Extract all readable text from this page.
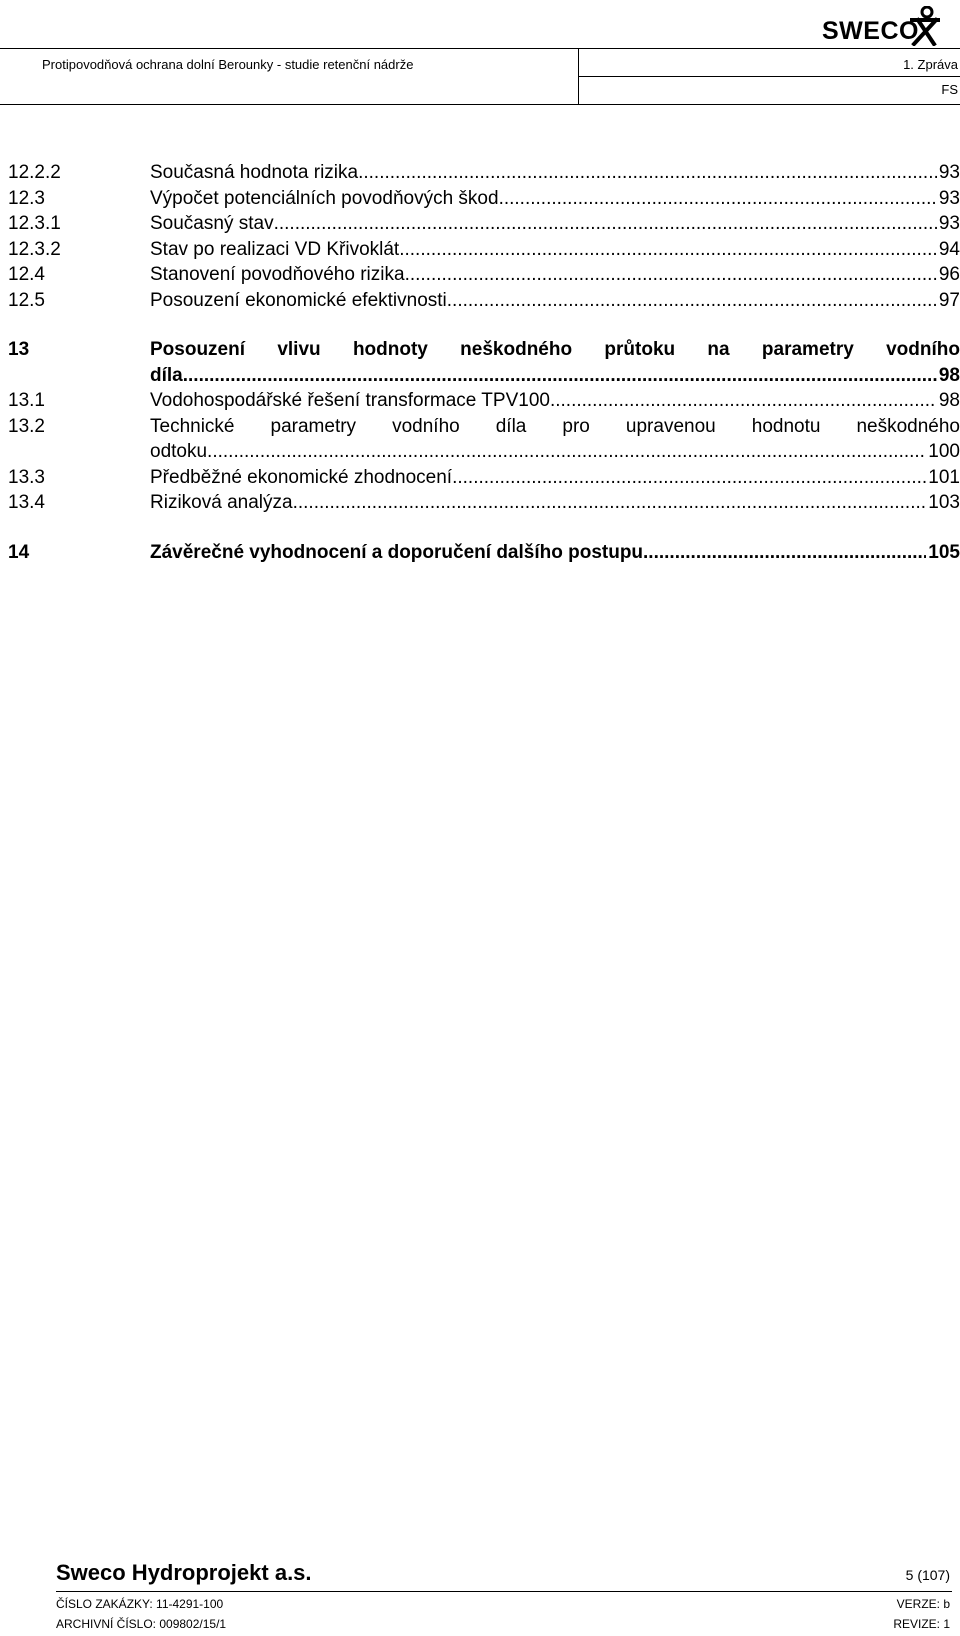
SWECO
Protipovodňová ochrana dolní Berounky - studie retenční nádrže	1. Zpráva
FS
12.2.2	Současná hodnota rizika .....	93
12.3	Výpočet potenciálních povodňových škod .....	93
12.3.1	Současný stav .....	93
12.3.2	Stav po realizaci VD Křivoklát .....	94
12.4	Stanovení povodňového rizika .....	96
12.5	Posouzení ekonomické efektivnosti .....	97
13	Posouzení vlivu hodnoty neškodného průtoku na parametry vodního
díla .....	98
13.1	Vodohospodářské řešení transformace TPV100 .....	98
13.2	Technické parametry vodního díla pro upravenou hodnotu neškodného
odtoku .....	100
13.3	Předběžné ekonomické zhodnocení .....	101
13.4	Riziková analýza .....	103
14	Závěrečné vyhodnocení a doporučení dalšího postupu .....	105
Sweco Hydroprojekt a.s.	5 (107)
ČÍSLO ZAKÁZKY: 11-4291-100	VERZE: b
ARCHIVNÍ ČÍSLO: 009802/15/1	REVIZE: 1
